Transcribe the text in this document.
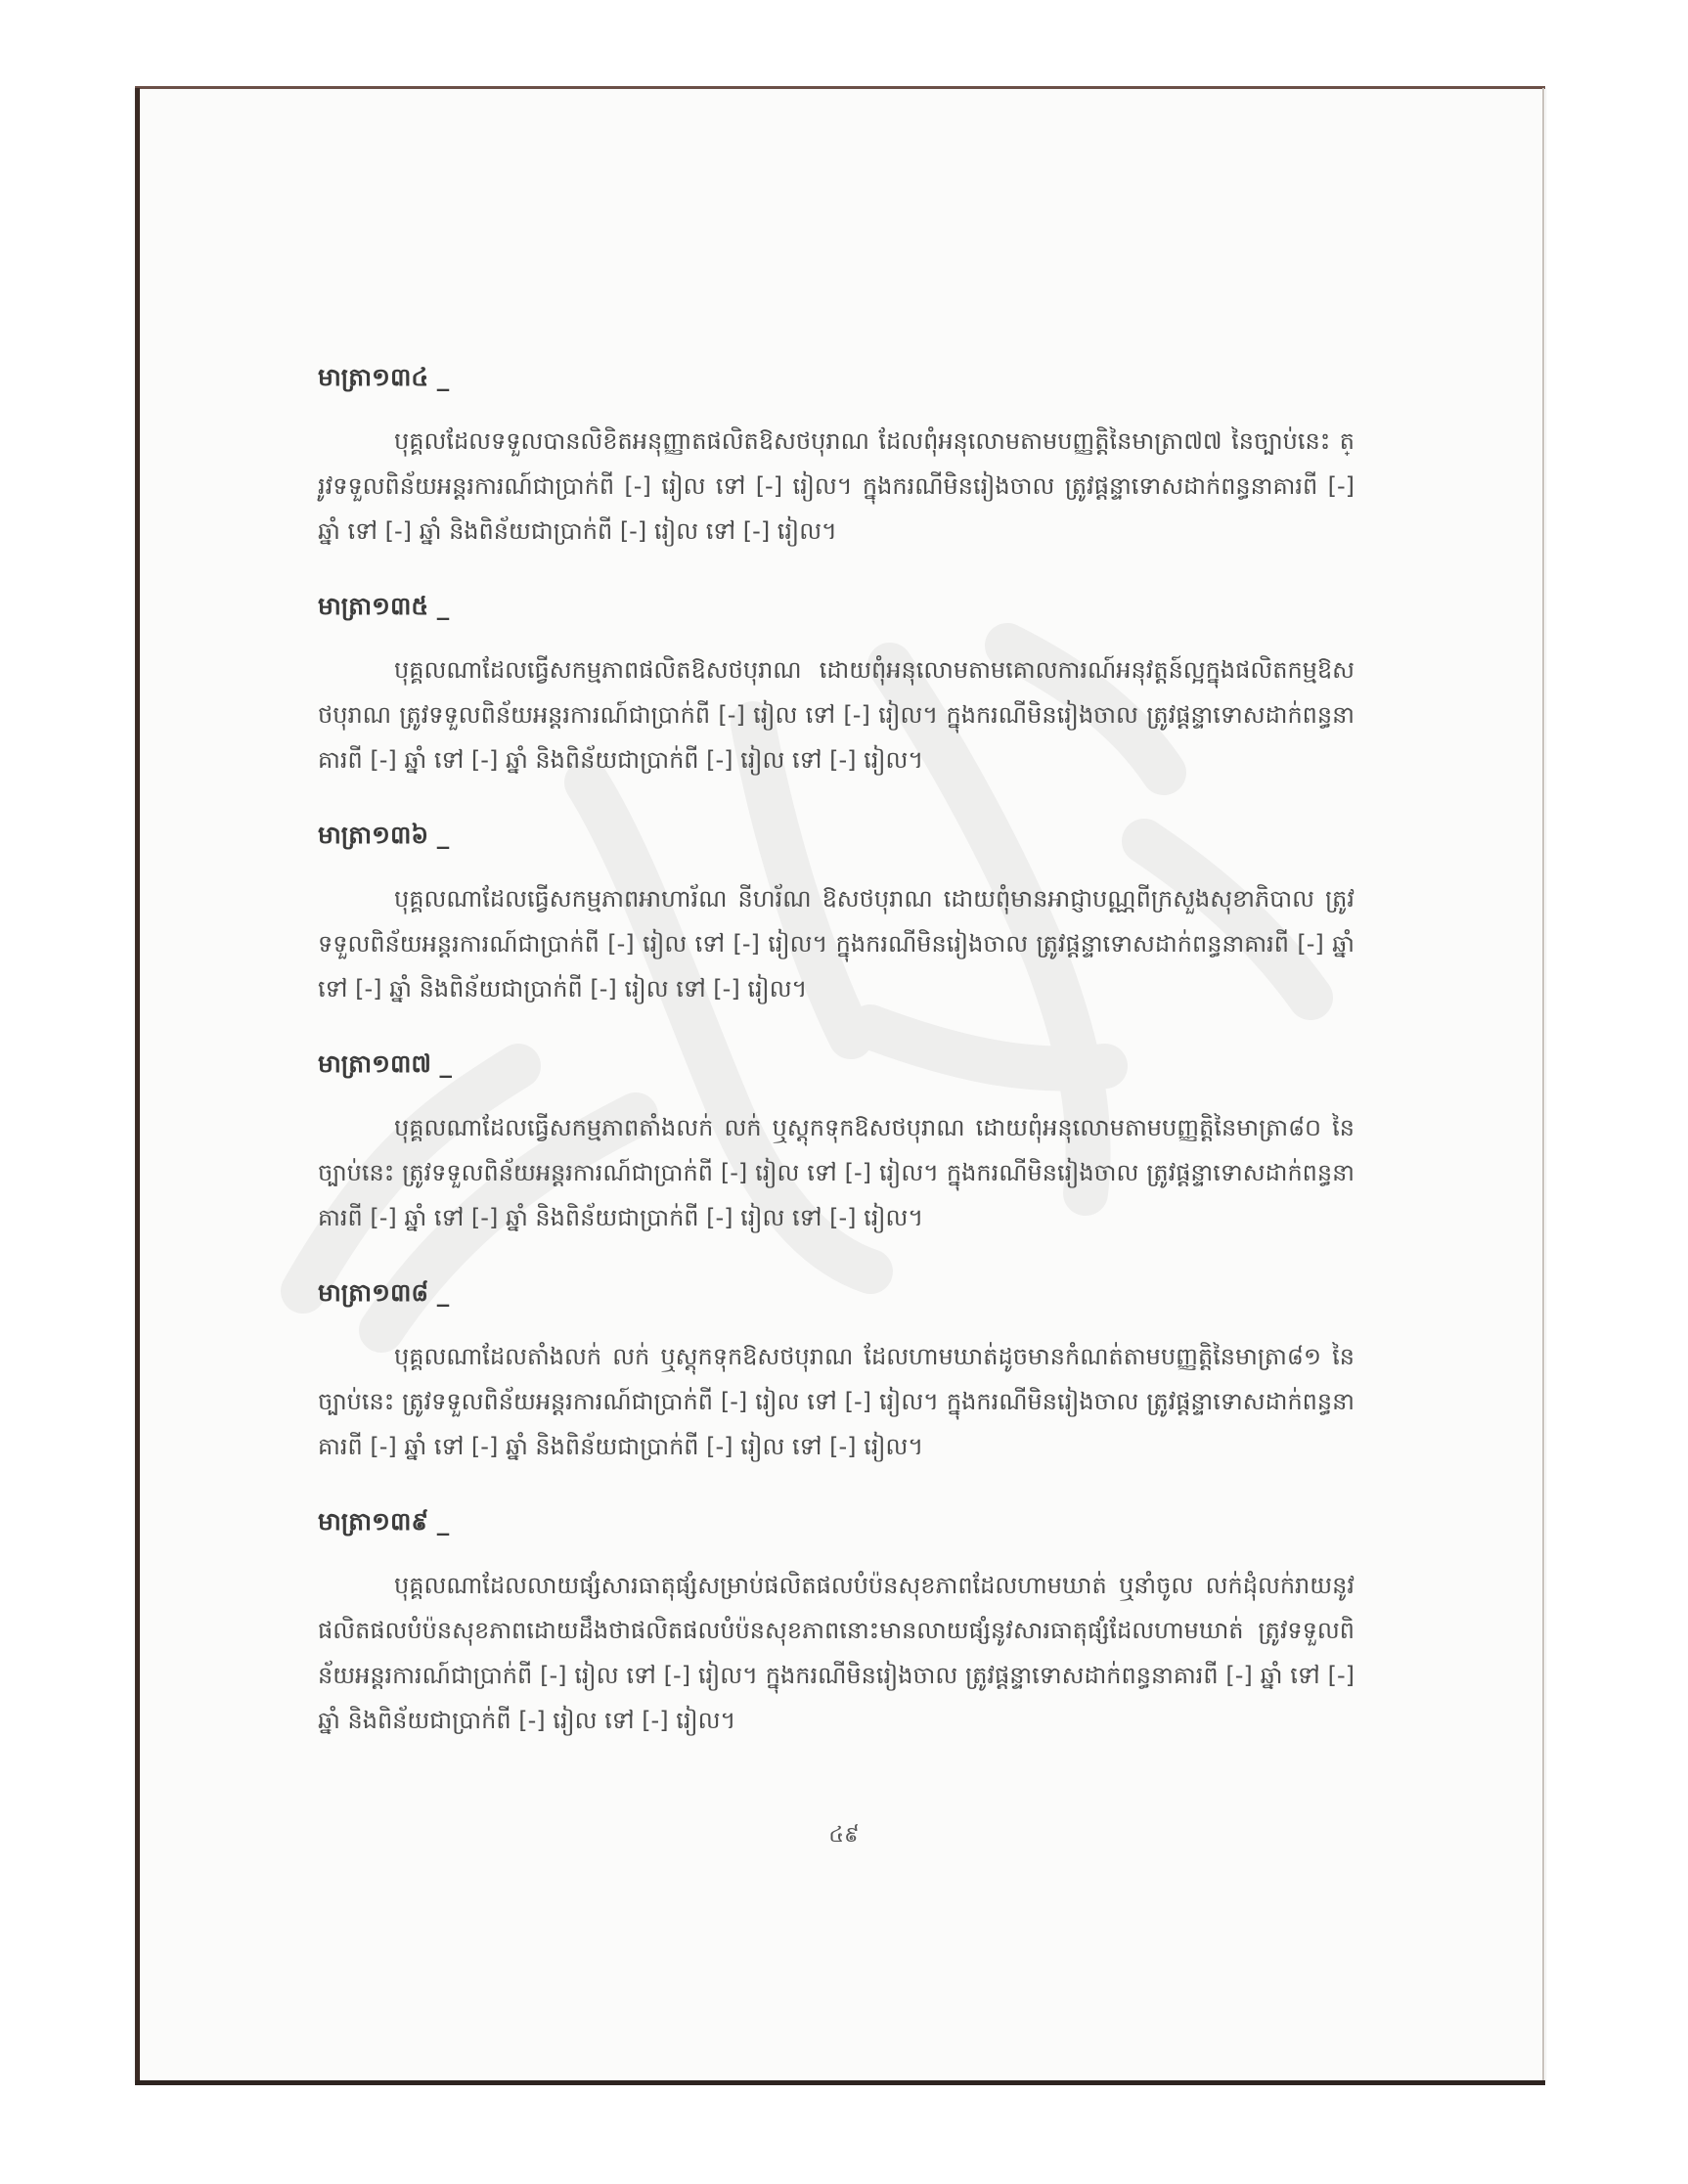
មាត្រា១៣៤ _

បុគ្គលដែលទទួលបានលិខិតអនុញ្ញាតផលិតឱសថបុរាណ ដែលពុំអនុលោមតាមបញ្ញត្តិនៃមាត្រា៧៧ នៃច្បាប់នេះ ត្រូវទទួលពិន័យអន្តរការណ៍ជាប្រាក់ពី [-] រៀល ទៅ [-] រៀល។ ក្នុងករណីមិនរៀងចាល ត្រូវផ្តន្ទាទោសដាក់ពន្ធនាគារពី [-] ឆ្នាំ ទៅ [-] ឆ្នាំ និងពិន័យជាប្រាក់ពី [-] រៀល ទៅ [-] រៀល។

មាត្រា១៣៥ _

បុគ្គលណាដែលធ្វើសកម្មភាពផលិតឱសថបុរាណ ដោយពុំអនុលោមតាមគោលការណ៍អនុវត្តន៍ល្អក្នុងផលិតកម្មឱសថបុរាណ ត្រូវទទួលពិន័យអន្តរការណ៍ជាប្រាក់ពី [-] រៀល ទៅ [-] រៀល។ ក្នុងករណីមិនរៀងចាល ត្រូវផ្តន្ទាទោសដាក់ពន្ធនាគារពី [-] ឆ្នាំ ទៅ [-] ឆ្នាំ និងពិន័យជាប្រាក់ពី [-] រៀល ទៅ [-] រៀល។

មាត្រា១៣៦ _

បុគ្គលណាដែលធ្វើសកម្មភាពអាហារ័ណ នីហរ័ណ ឱសថបុរាណ ដោយពុំមានអាជ្ញាបណ្ណពីក្រសួងសុខាភិបាល ត្រូវទទួលពិន័យអន្តរការណ៍ជាប្រាក់ពី [-] រៀល ទៅ [-] រៀល។ ក្នុងករណីមិនរៀងចាល ត្រូវផ្តន្ទាទោសដាក់ពន្ធនាគារពី [-] ឆ្នាំ ទៅ [-] ឆ្នាំ និងពិន័យជាប្រាក់ពី [-] រៀល ទៅ [-] រៀល។

មាត្រា១៣៧ _

បុគ្គលណាដែលធ្វើសកម្មភាពតាំងលក់ លក់ ឬស្តុកទុកឱសថបុរាណ ដោយពុំអនុលោមតាមបញ្ញត្តិនៃមាត្រា៨០ នៃច្បាប់នេះ ត្រូវទទួលពិន័យអន្តរការណ៍ជាប្រាក់ពី [-] រៀល ទៅ [-] រៀល។ ក្នុងករណីមិនរៀងចាល ត្រូវផ្តន្ទាទោសដាក់ពន្ធនាគារពី [-] ឆ្នាំ ទៅ [-] ឆ្នាំ និងពិន័យជាប្រាក់ពី [-] រៀល ទៅ [-] រៀល។

មាត្រា១៣៨ _

បុគ្គលណាដែលតាំងលក់ លក់ ឬស្តុកទុកឱសថបុរាណ ដែលហាមឃាត់ដូចមានកំណត់តាមបញ្ញត្តិនៃមាត្រា៨១ នៃច្បាប់នេះ ត្រូវទទួលពិន័យអន្តរការណ៍ជាប្រាក់ពី [-] រៀល ទៅ [-] រៀល។ ក្នុងករណីមិនរៀងចាល ត្រូវផ្តន្ទាទោសដាក់ពន្ធនាគារពី [-] ឆ្នាំ ទៅ [-] ឆ្នាំ និងពិន័យជាប្រាក់ពី [-] រៀល ទៅ [-] រៀល។

មាត្រា១៣៩ _

បុគ្គលណាដែលលាយផ្សំសារធាតុផ្សំសម្រាប់ផលិតផលបំប៉នសុខភាពដែលហាមឃាត់ ឬនាំចូល លក់ដុំលក់រាយនូវផលិតផលបំប៉នសុខភាពដោយដឹងថាផលិតផលបំប៉នសុខភាពនោះមានលាយផ្សំនូវសារធាតុផ្សំដែលហាមឃាត់ ត្រូវទទួលពិន័យអន្តរការណ៍ជាប្រាក់ពី [-] រៀល ទៅ [-] រៀល។ ក្នុងករណីមិនរៀងចាល ត្រូវផ្តន្ទាទោសដាក់ពន្ធនាគារពី [-] ឆ្នាំ ទៅ [-] ឆ្នាំ និងពិន័យជាប្រាក់ពី [-] រៀល ទៅ [-] រៀល។

៤៩
